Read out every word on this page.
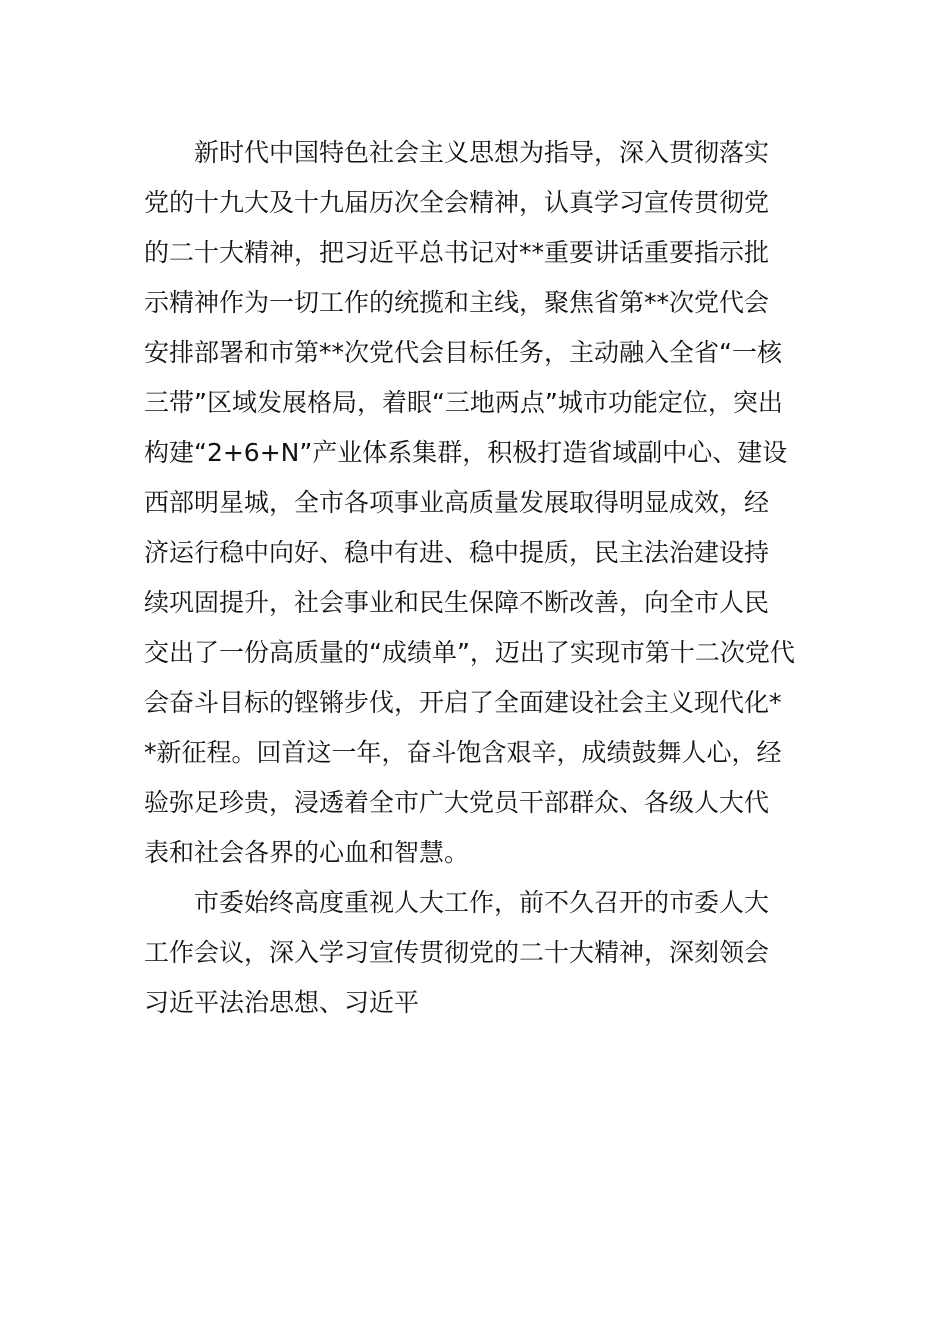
新时代中国特色社会主义思想为指导，深入贯彻落实
党的十九大及十九届历次全会精神，认真学习宣传贯彻党
的二十大精神，把习近平总书记对**重要讲话重要指示批
示精神作为一切工作的统揽和主线，聚焦省第**次党代会
安排部署和市第**次党代会目标任务，主动融入全省“一核
三带”区域发展格局，着眼“三地两点”城市功能定位，突出
构建“2+6+N”产业体系集群，积极打造省域副中心、建设
西部明星城，全市各项事业高质量发展取得明显成效，经
济运行稳中向好、稳中有进、稳中提质，民主法治建设持
续巩固提升，社会事业和民生保障不断改善，向全市人民
交出了一份高质量的“成绩单”，迈出了实现市第十二次党代
会奋斗目标的铿锵步伐，开启了全面建设社会主义现代化*
*新征程。回首这一年，奋斗饱含艰辛，成绩鼓舞人心，经
验弥足珍贵，浸透着全市广大党员干部群众、各级人大代
表和社会各界的心血和智慧。
市委始终高度重视人大工作，前不久召开的市委人大
工作会议，深入学习宣传贯彻党的二十大精神，深刻领会
习近平法治思想、习近平
